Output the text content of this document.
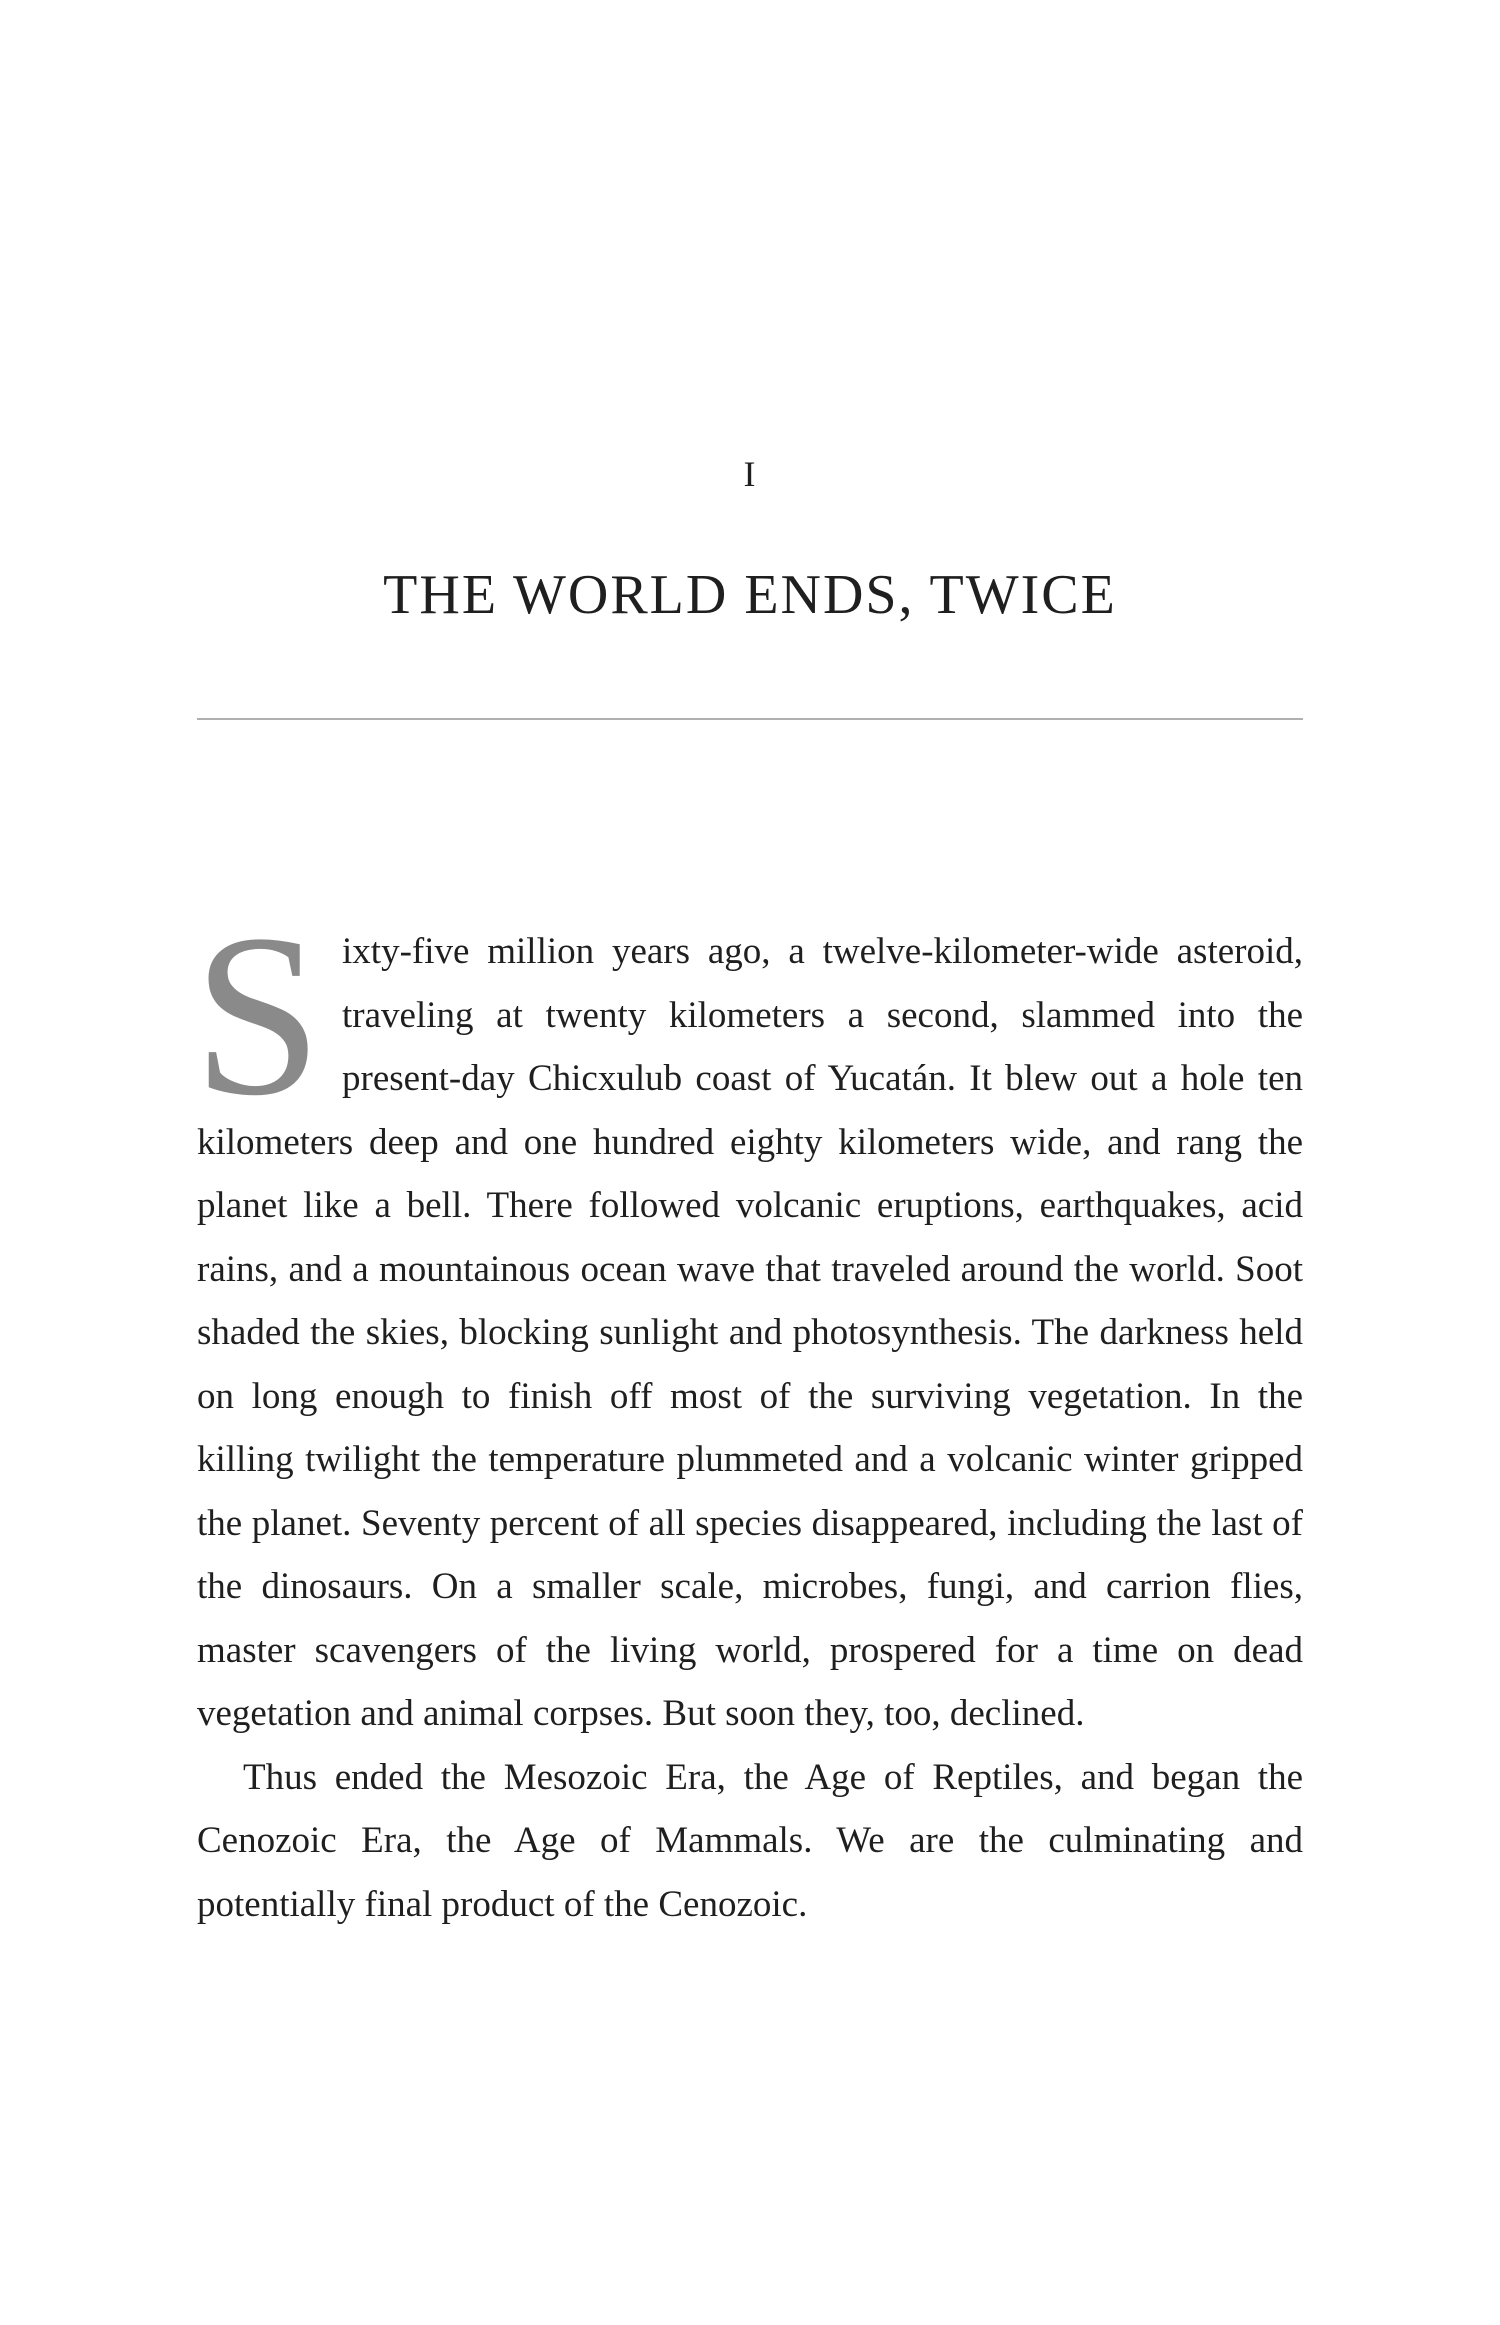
I
THE WORLD ENDS, TWICE

Sixty-five million years ago, a twelve-kilometer-wide asteroid, traveling at twenty kilometers a second, slammed into the present-day Chicxulub coast of Yucatán. It blew out a hole ten kilometers deep and one hundred eighty kilometers wide, and rang the planet like a bell. There followed volcanic eruptions, earthquakes, acid rains, and a mountainous ocean wave that traveled around the world. Soot shaded the skies, blocking sunlight and photosynthesis. The darkness held on long enough to finish off most of the surviving vegetation. In the killing twilight the temperature plummeted and a volcanic winter gripped the planet. Seventy percent of all species disappeared, including the last of the dinosaurs. On a smaller scale, microbes, fungi, and carrion flies, master scavengers of the living world, prospered for a time on dead vegetation and animal corpses. But soon they, too, declined.

Thus ended the Mesozoic Era, the Age of Reptiles, and began the Cenozoic Era, the Age of Mammals. We are the culminating and potentially final product of the Cenozoic.
